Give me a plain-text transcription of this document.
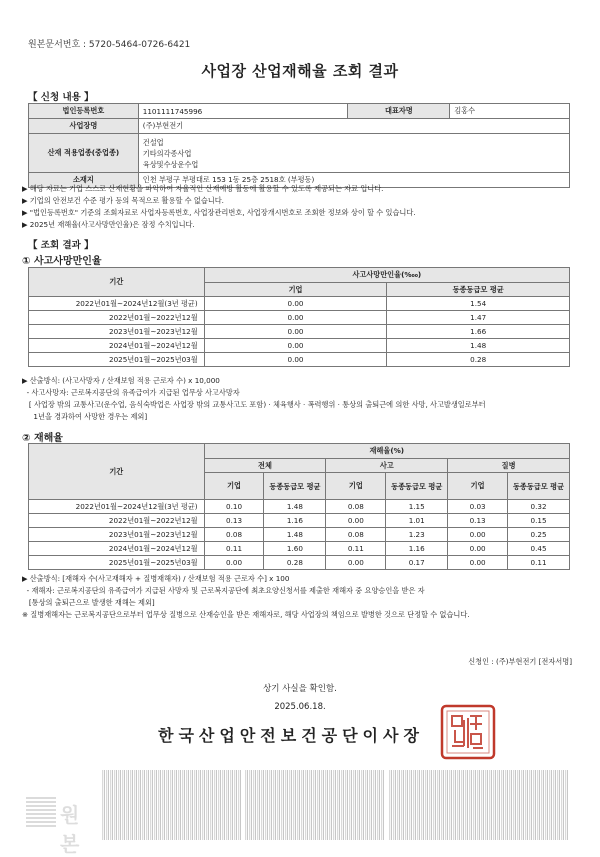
원본문서번호 : 5720-5464-0726-6421
사업장 산업재해율 조회 결과
【 신청 내용 】
법인등록번호	1101111745996	대표자명	김홍수
사업장명	(주)부현전기		
산재 적용업종(중업종)	건설업
기타의각종사업
육상및수상운수업		

소재지	인천 부평구 부평대로 153 1동 25층 2518호 (부평동)		
▶ 해당 자료는 기업 스스로 산재현황을 파악하여 자율적인 산재예방 활동에 활용할 수 있도록 제공되는 자료 입니다.
▶ 기업의 안전보건 수준 평가 등의 목적으로 활용할 수 없습니다.
▶ "법인등록번호" 기준의 조회자료로 사업자등록번호, 사업장관리번호, 사업장개시번호로 조회한 정보와 상이 할 수 있습니다.
▶ 2025년 재해율(사고사망만인율)은 잠정 수치입니다.
【 조회 결과 】
① 사고사망만인율
기간	사고사망만인율(‱)	
	기업	동종동급모 평균
2022년01월~2024년12월(3년 평균)	0.00	1.54
2022년01월~2022년12월	0.00	1.47
2023년01월~2023년12월	0.00	1.66
2024년01월~2024년12월	0.00	1.48
2025년01월~2025년03월	0.00	0.28
▶ 산출방식: (사고사망자 / 산재보험 적용 근로자 수) x 10,000
- 사고사망자: 근로복지공단의 유족급여가 지급된 업무상 사고사망자
[ 사업장 밖의 교통사고(운수업, 음식숙박업은 사업장 밖의 교통사고도 포함) · 체육행사 · 폭력행위 · 통상의 출퇴근에 의한 사망, 사고발생일로부터
1년을 경과하여 사망한 경우는 제외]
② 재해율
기간	재해율(%)					
	전체		사고		질병	
	기업	동종동급모 평균	기업	동종동급모 평균	기업	동종동급모 평균
2022년01월~2024년12월(3년 평균)	0.10	1.48	0.08	1.15	0.03	0.32
2022년01월~2022년12월	0.13	1.16	0.00	1.01	0.13	0.15
2023년01월~2023년12월	0.08	1.48	0.08	1.23	0.00	0.25
2024년01월~2024년12월	0.11	1.60	0.11	1.16	0.00	0.45
2025년01월~2025년03월	0.00	0.28	0.00	0.17	0.00	0.11
▶ 산출방식: [재해자 수(사고재해자 + 질병재해자) / 산재보험 적용 근로자 수] x 100
- 재해자: 근로복지공단의 유족급여가 지급된 사망자 및 근로복지공단에 최초요양신청서를 제출한 재해자 중 요양승인을 받은 자
[통상의 출퇴근으로 발생한 재해는 제외]
※ 질병재해자는 근로복지공단으로부터 업무상 질병으로 산재승인을 받은 재해자로, 해당 사업장의 책임으로 발병한 것으로 단정할 수 없습니다.
신청인 : (주)부현전기 [전자서명]
상기 사실을 확인함.
2025.06.18.
한국산업안전보건공단이사장
원본
